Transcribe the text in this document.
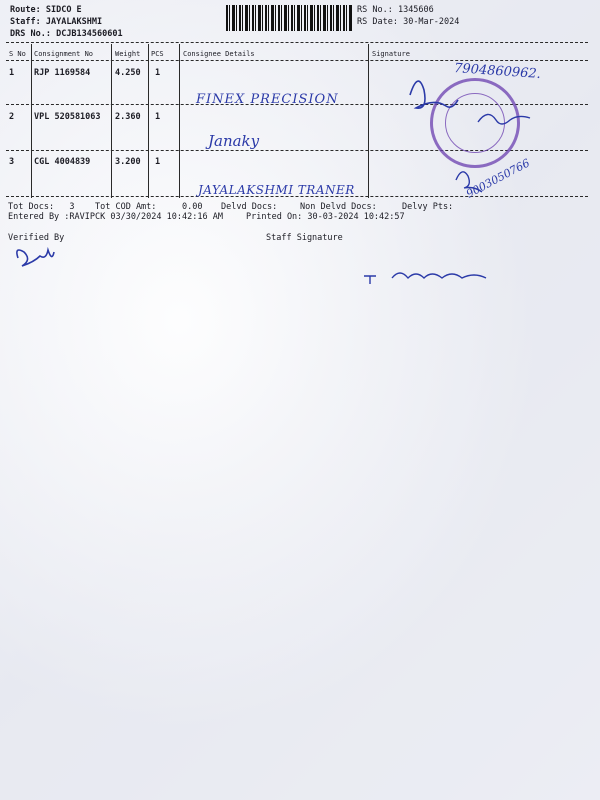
Route: SIDCO E
Staff: JAYALAKSHMI
DRS No.: DCJB134560601
RS No.: 1345606
RS Date: 30-Mar-2024
S No Consignment No	Weight PCS	Consignee Details	Signature
1 RJP 1169584	4.250 1
2 VPL 520581063 2.360 1
3 CGL 4004839	3.200 1
Tot Docs: 3 Tot COD Amt:	0.00 Delvd Docs:	Non Delvd Docs:	Delvy Pts:
Entered By :RAVIPCK 03/30/2024 10:42:16 AM	Printed On: 30-03-2024 10:42:57
Verified By	Staff Signature
7904860962.
FINEX PRECISION
Janaky
JAYALAKSHMI TRANER	9003050766
